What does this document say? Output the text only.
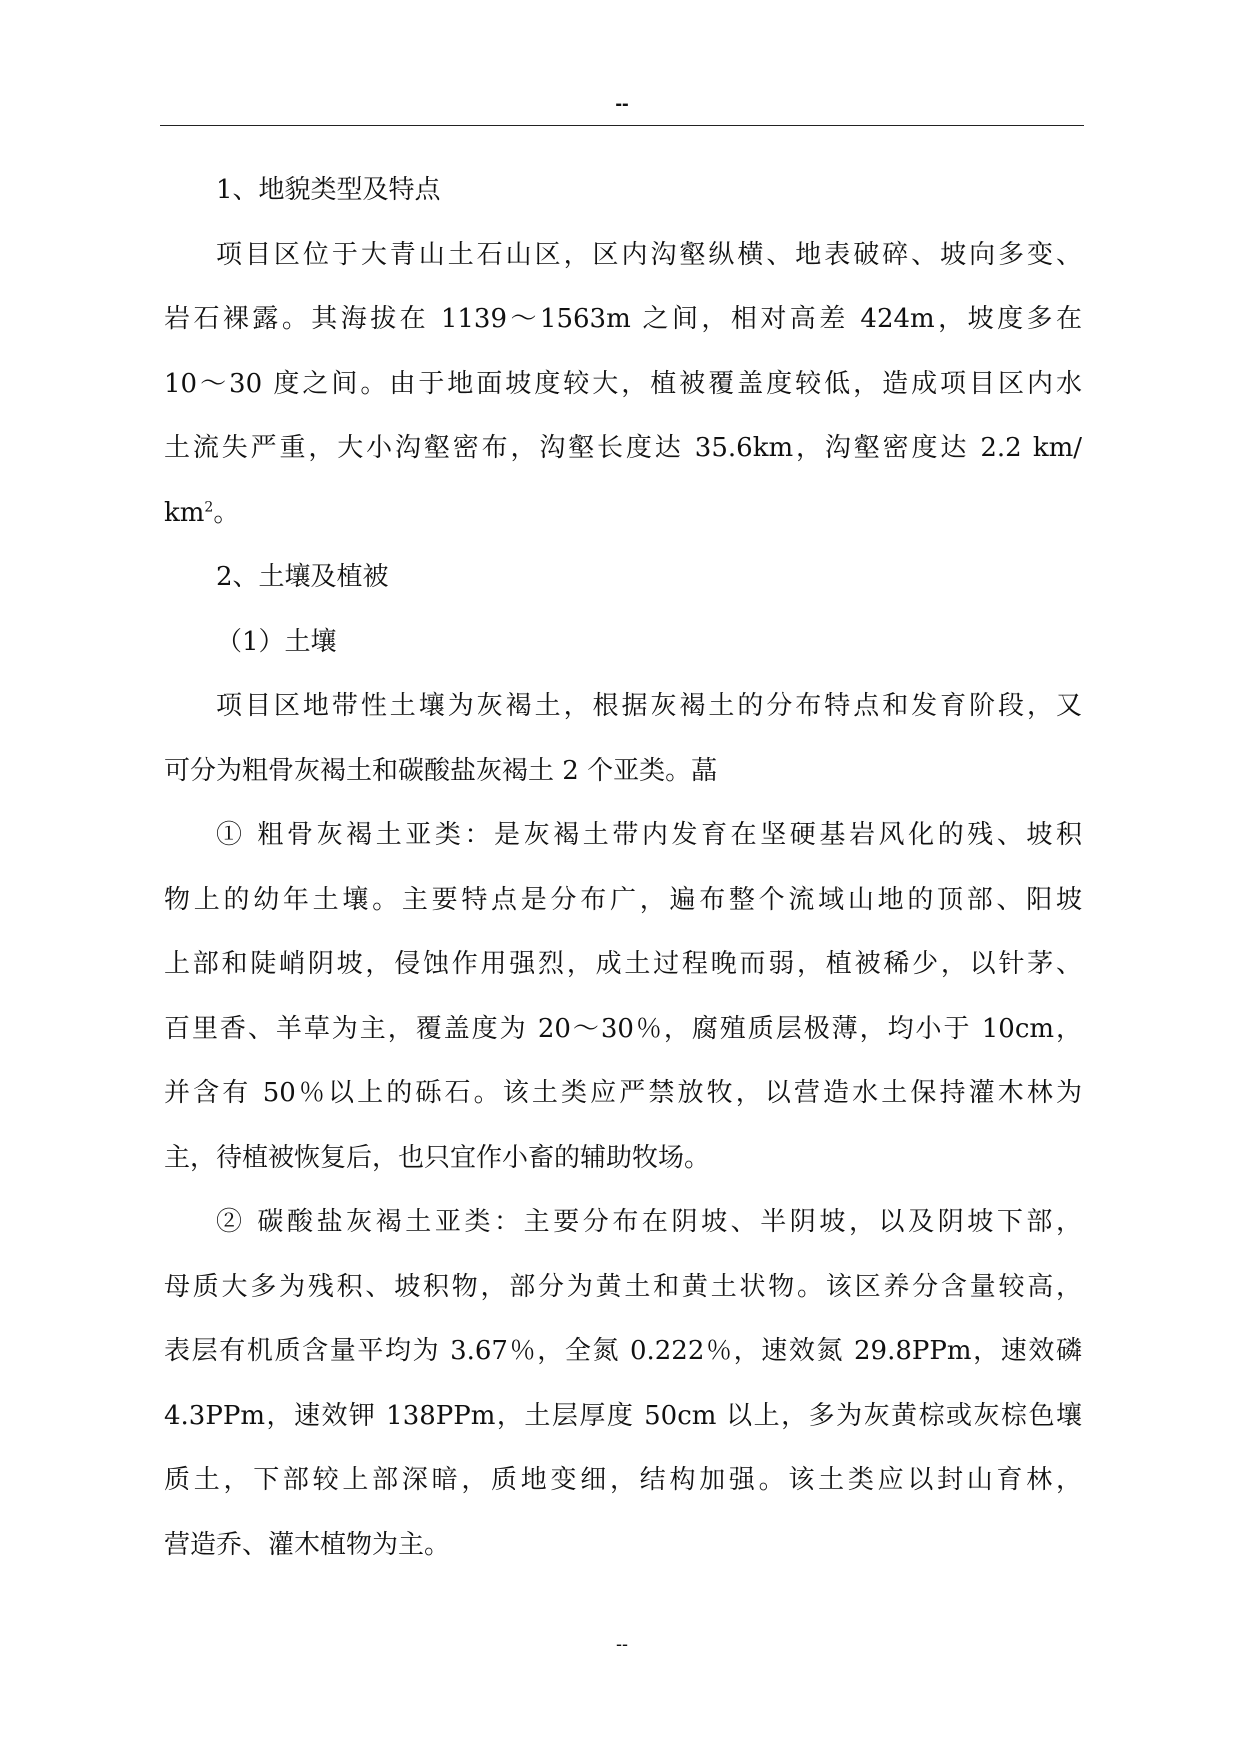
--
1、地貌类型及特点
项目区位于大青山土石山区，区内沟壑纵横、地表破碎、坡向多变、
岩石裸露。其海拔在 1139～1563m 之间，相对高差 424m，坡度多在
10～30 度之间。由于地面坡度较大，植被覆盖度较低，造成项目区内水
土流失严重，大小沟壑密布，沟壑长度达 35.6km，沟壑密度达 2.2 km/
$km^2$。
2、土壤及植被
（1）土壤
项目区地带性土壤为灰褐土，根据灰褐土的分布特点和发育阶段，又
可分为粗骨灰褐土和碳酸盐灰褐土 2 个亚类。蕌
① 粗骨灰褐土亚类：是灰褐土带内发育在坚硬基岩风化的残、坡积
物上的幼年土壤。主要特点是分布广，遍布整个流域山地的顶部、阳坡
上部和陡峭阴坡，侵蚀作用强烈，成土过程晚而弱，植被稀少，以针茅、
百里香、羊草为主，覆盖度为 20～30％，腐殖质层极薄，均小于 10cm，
并含有 50％以上的砾石。该土类应严禁放牧，以营造水土保持灌木林为
主，待植被恢复后，也只宜作小畜的辅助牧场。
② 碳酸盐灰褐土亚类：主要分布在阴坡、半阴坡，以及阴坡下部，
母质大多为残积、坡积物，部分为黄土和黄土状物。该区养分含量较高，
表层有机质含量平均为 3.67％，全氮 0.222％，速效氮 29.8PPm，速效磷
4.3PPm，速效钾 138PPm，土层厚度 50cm 以上，多为灰黄棕或灰棕色壤
质土，下部较上部深暗，质地变细，结构加强。该土类应以封山育林，
营造乔、灌木植物为主。
--
